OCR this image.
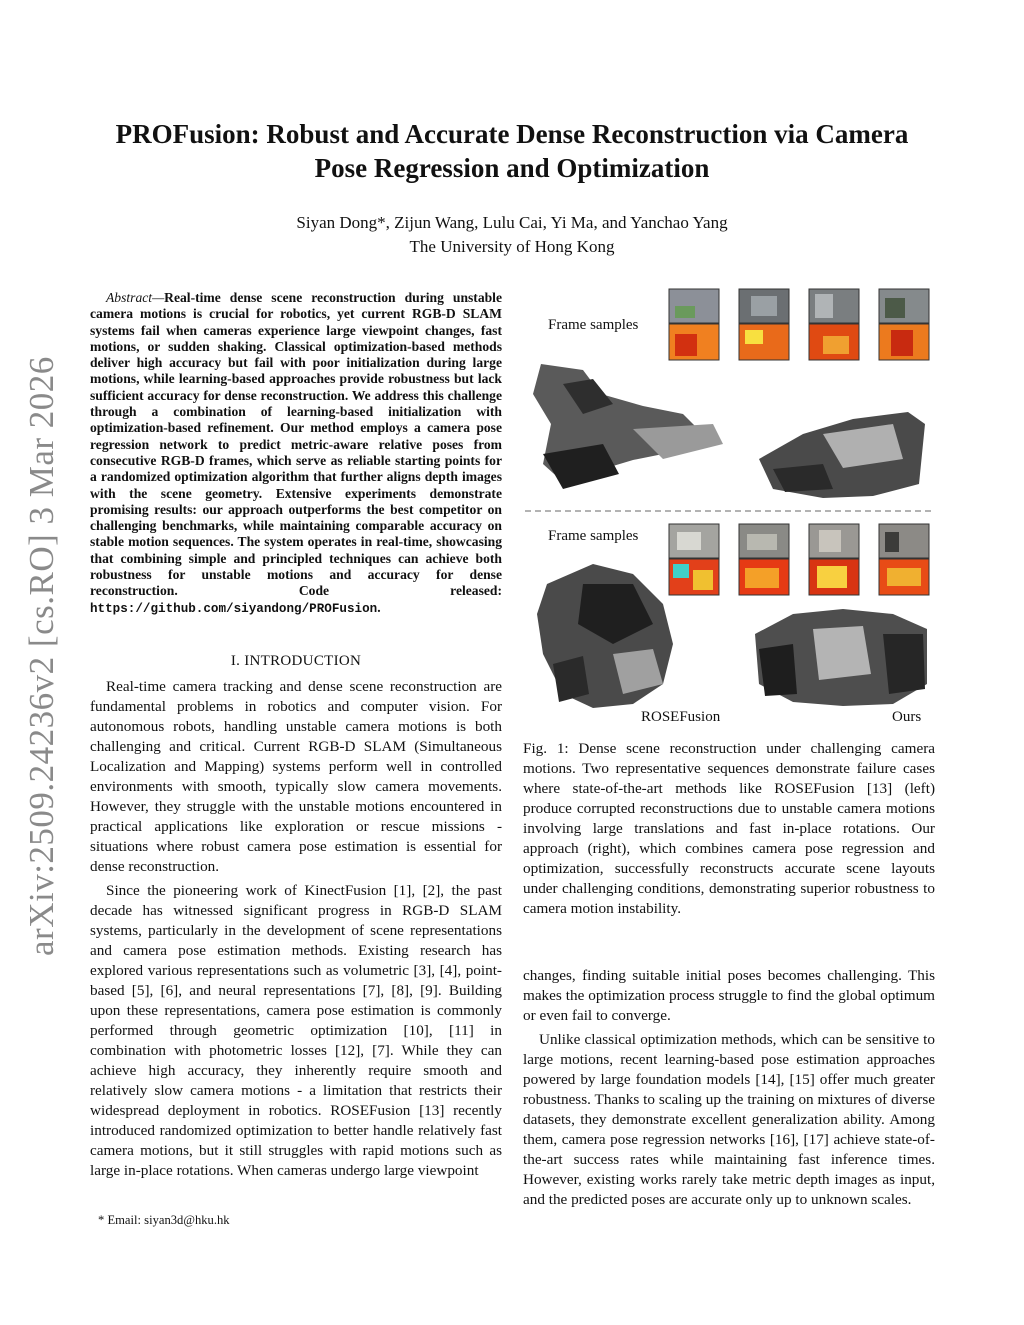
arXiv:2509.24236v2 [cs.RO] 3 Mar 2026
PROFusion: Robust and Accurate Dense Reconstruction via Camera Pose Regression and Optimization
Siyan Dong*, Zijun Wang, Lulu Cai, Yi Ma, and Yanchao Yang
The University of Hong Kong
Abstract—Real-time dense scene reconstruction during unstable camera motions is crucial for robotics, yet current RGB-D SLAM systems fail when cameras experience large viewpoint changes, fast motions, or sudden shaking. Classical optimization-based methods deliver high accuracy but fail with poor initialization during large motions, while learning-based approaches provide robustness but lack sufficient accuracy for dense reconstruction. We address this challenge through a combination of learning-based initialization with optimization-based refinement. Our method employs a camera pose regression network to predict metric-aware relative poses from consecutive RGB-D frames, which serve as reliable starting points for a randomized optimization algorithm that further aligns depth images with the scene geometry. Extensive experiments demonstrate promising results: our approach outperforms the best competitor on challenging benchmarks, while maintaining comparable accuracy on stable motion sequences. The system operates in real-time, showcasing that combining simple and principled techniques can achieve both robustness for unstable motions and accuracy for dense reconstruction. Code released: https://github.com/siyandong/PROFusion.
I. INTRODUCTION

Real-time camera tracking and dense scene reconstruction are fundamental problems in robotics and computer vision. For autonomous robots, handling unstable camera motions is both challenging and critical. Current RGB-D SLAM (Simultaneous Localization and Mapping) systems perform well in controlled environments with smooth, typically slow camera movements. However, they struggle with the unstable motions encountered in practical applications like exploration or rescue missions - situations where robust camera pose estimation is essential for dense reconstruction.

Since the pioneering work of KinectFusion [1], [2], the past decade has witnessed significant progress in RGB-D SLAM systems, particularly in the development of scene representations and camera pose estimation methods. Existing research has explored various representations such as volumetric [3], [4], point-based [5], [6], and neural representations [7], [8], [9]. Building upon these representations, camera pose estimation is commonly performed through geometric optimization [10], [11] in combination with photometric losses [12], [7]. While they can achieve high accuracy, they inherently require smooth and relatively slow camera motions - a limitation that restricts their widespread deployment in robotics. ROSEFusion [13] recently introduced randomized optimization to better handle relatively fast camera motions, but it still struggles with rapid motions such as large in-place rotations. When cameras undergo large viewpoint

* Email: siyan3d@hku.hk
Frame samples
Frame samples
ROSEFusion	Ours
Fig. 1: Dense scene reconstruction under challenging camera motions. Two representative sequences demonstrate failure cases where state-of-the-art methods like ROSEFusion [13] (left) produce corrupted reconstructions due to unstable camera motions involving large translations and fast in-place rotations. Our approach (right), which combines camera pose regression and optimization, successfully reconstructs accurate scene layouts under challenging conditions, demonstrating superior robustness to camera motion instability.

changes, finding suitable initial poses becomes challenging. This makes the optimization process struggle to find the global optimum or even fail to converge.

Unlike classical optimization methods, which can be sensitive to large motions, recent learning-based pose estimation approaches powered by large foundation models [14], [15] offer much greater robustness. Thanks to scaling up the training on mixtures of diverse datasets, they demonstrate excellent generalization ability. Among them, camera pose regression networks [16], [17] achieve state-of-the-art success rates while maintaining fast inference times. However, existing works rarely take metric depth images as input, and the predicted poses are accurate only up to unknown scales.
